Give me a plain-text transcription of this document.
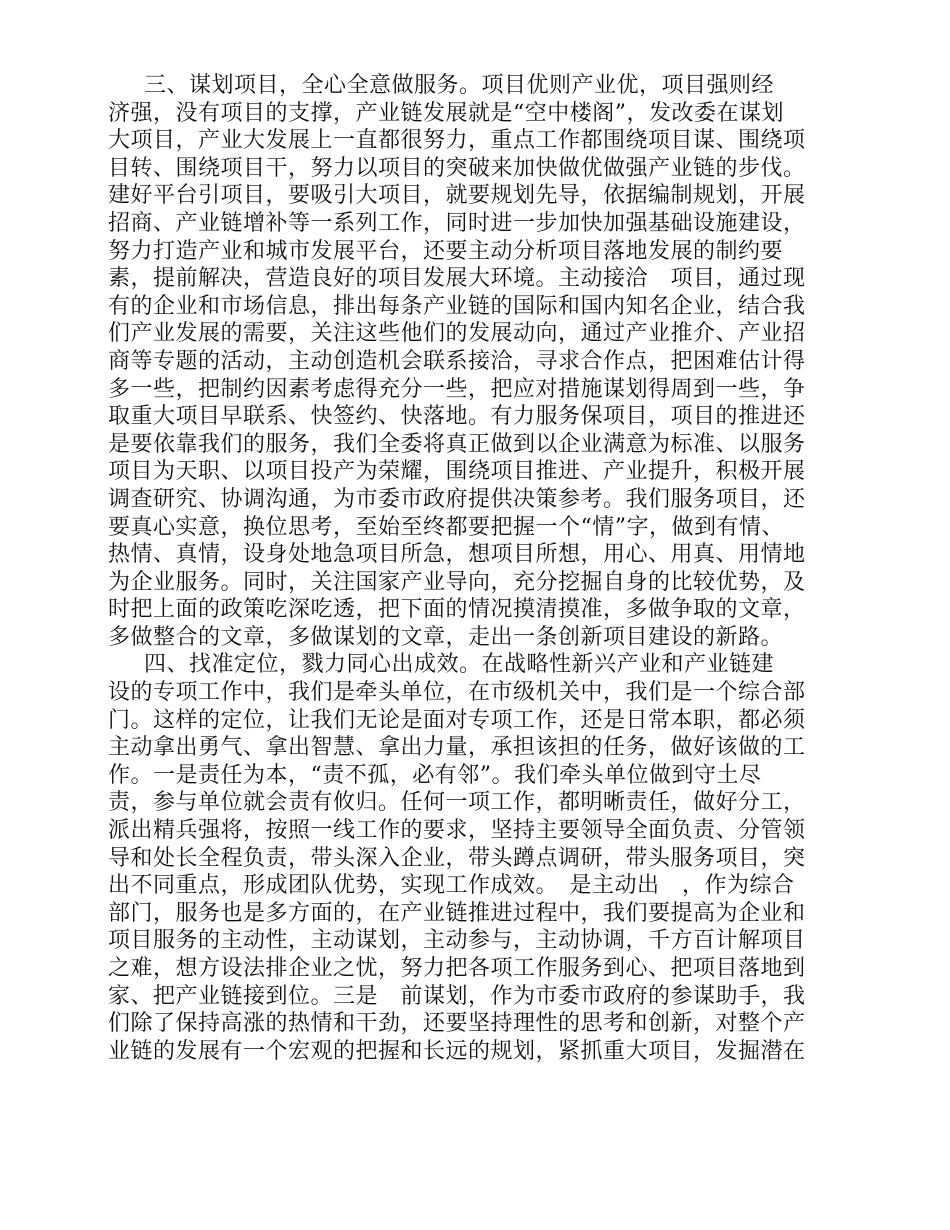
三、谋划项目，全心全意做服务。项目优则产业优，项目强则经
济强，没有项目的支撑，产业链发展就是“空中楼阁”，发改委在谋划
大项目，产业大发展上一直都很努力，重点工作都围绕项目谋、围绕项
目转、围绕项目干，努力以项目的突破来加快做优做强产业链的步伐。
建好平台引项目，要吸引大项目，就要规划先导，依据编制规划，开展
招商、产业链增补等一系列工作，同时进一步加快加强基础设施建设，
努力打造产业和城市发展平台，还要主动分析项目落地发展的制约要
素，提前解决，营造良好的项目发展大环境。主动接洽　项目，通过现
有的企业和市场信息，排出每条产业链的国际和国内知名企业，结合我
们产业发展的需要，关注这些他们的发展动向，通过产业推介、产业招
商等专题的活动，主动创造机会联系接洽，寻求合作点，把困难估计得
多一些，把制约因素考虑得充分一些，把应对措施谋划得周到一些，争
取重大项目早联系、快签约、快落地。有力服务保项目，项目的推进还
是要依靠我们的服务，我们全委将真正做到以企业满意为标准、以服务
项目为天职、以项目投产为荣耀，围绕项目推进、产业提升，积极开展
调查研究、协调沟通，为市委市政府提供决策参考。我们服务项目，还
要真心实意，换位思考，至始至终都要把握一个“情”字，做到有情、
热情、真情，设身处地急项目所急，想项目所想，用心、用真、用情地
为企业服务。同时，关注国家产业导向，充分挖掘自身的比较优势，及
时把上面的政策吃深吃透，把下面的情况摸清摸准，多做争取的文章，
多做整合的文章，多做谋划的文章，走出一条创新项目建设的新路。
四、找准定位，戮力同心出成效。在战略性新兴产业和产业链建
设的专项工作中，我们是牵头单位，在市级机关中，我们是一个综合部
门。这样的定位，让我们无论是面对专项工作，还是日常本职，都必须
主动拿出勇气、拿出智慧、拿出力量，承担该担的任务，做好该做的工
作。一是责任为本，“责不孤，必有邻”。我们牵头单位做到守土尽
责，参与单位就会责有攸归。任何一项工作，都明晰责任，做好分工，
派出精兵强将，按照一线工作的要求，坚持主要领导全面负责、分管领
导和处长全程负责，带头深入企业，带头蹲点调研，带头服务项目，突
出不同重点，形成团队优势，实现工作成效。　是主动出　，作为综合
部门，服务也是多方面的，在产业链推进过程中，我们要提高为企业和
项目服务的主动性，主动谋划，主动参与，主动协调，千方百计解项目
之难，想方设法排企业之忧，努力把各项工作服务到心、把项目落地到
家、把产业链接到位。三是　前谋划，作为市委市政府的参谋助手，我
们除了保持高涨的热情和干劲，还要坚持理性的思考和创新，对整个产
业链的发展有一个宏观的把握和长远的规划，紧抓重大项目，发掘潜在
